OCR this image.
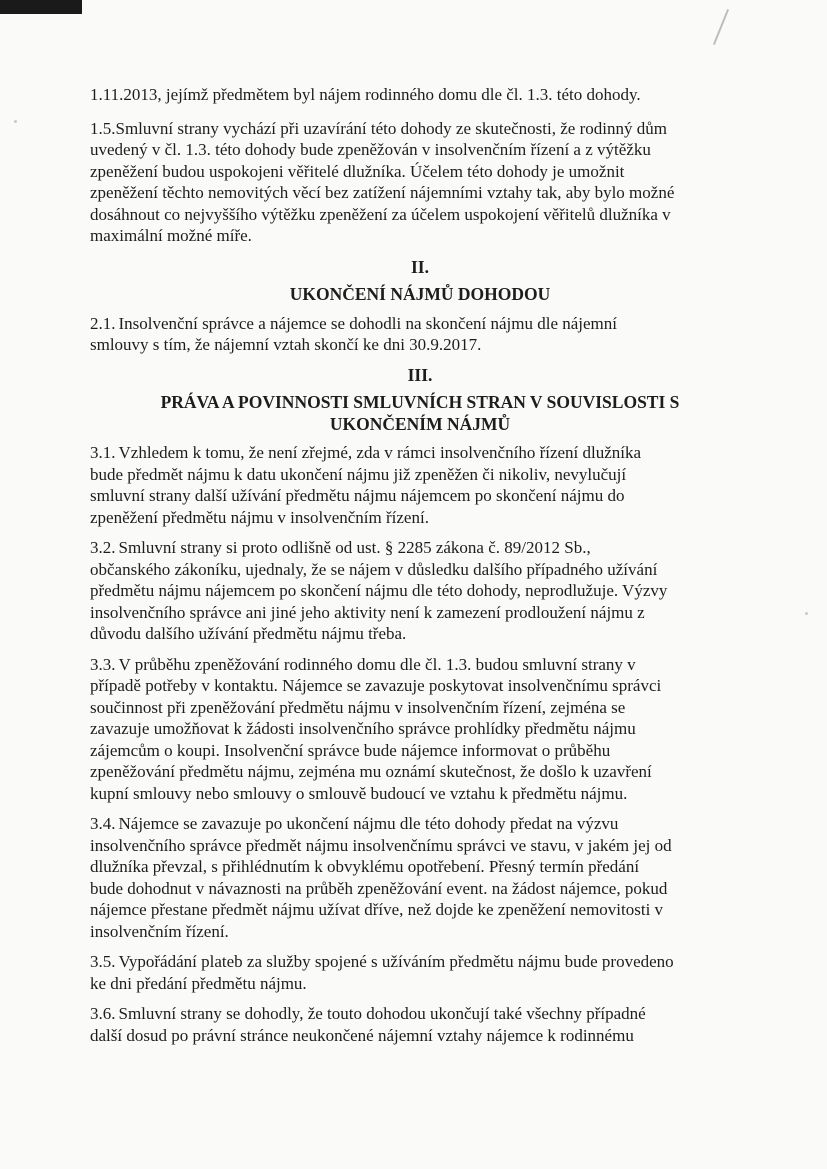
1.11.2013, jejímž předmětem byl nájem rodinného domu dle čl. 1.3. této dohody.

1.5.Smluvní strany vychází při uzavírání této dohody ze skutečnosti, že rodinný dům
uvedený v čl. 1.3. této dohody bude zpeněžován v insolvenčním řízení a z výtěžku
zpeněžení budou uspokojeni věřitelé dlužníka. Účelem této dohody je umožnit
zpeněžení těchto nemovitých věcí bez zatížení nájemními vztahy tak, aby bylo možné
dosáhnout co nejvyššího výtěžku zpeněžení za účelem uspokojení věřitelů dlužníka v
maximální možné míře.

II.
UKONČENÍ NÁJMŮ DOHODOU

2.1. Insolvenční správce a nájemce se dohodli na skončení nájmu dle nájemní
smlouvy s tím, že nájemní vztah skončí ke dni 30.9.2017.

III.
PRÁVA A POVINNOSTI SMLUVNÍCH STRAN V SOUVISLOSTI S
UKONČENÍM NÁJMŮ

3.1. Vzhledem k tomu, že není zřejmé, zda v rámci insolvenčního řízení dlužníka
bude předmět nájmu k datu ukončení nájmu již zpeněžen či nikoliv, nevylučují
smluvní strany další užívání předmětu nájmu nájemcem po skončení nájmu do
zpeněžení předmětu nájmu v insolvenčním řízení.

3.2. Smluvní strany si proto odlišně od ust. § 2285 zákona č. 89/2012 Sb.,
občanského zákoníku, ujednaly, že se nájem v důsledku dalšího případného užívání
předmětu nájmu nájemcem po skončení nájmu dle této dohody, neprodlužuje. Výzvy
insolvenčního správce ani jiné jeho aktivity není k zamezení prodloužení nájmu z
důvodu dalšího užívání předmětu nájmu třeba.

3.3. V průběhu zpeněžování rodinného domu dle čl. 1.3. budou smluvní strany v
případě potřeby v kontaktu. Nájemce se zavazuje poskytovat insolvenčnímu správci
součinnost při zpeněžování předmětu nájmu v insolvenčním řízení, zejména se
zavazuje umožňovat k žádosti insolvenčního správce prohlídky předmětu nájmu
zájemcům o koupi. Insolvenční správce bude nájemce informovat o průběhu
zpeněžování předmětu nájmu, zejména mu oznámí skutečnost, že došlo k uzavření
kupní smlouvy nebo smlouvy o smlouvě budoucí ve vztahu k předmětu nájmu.

3.4. Nájemce se zavazuje po ukončení nájmu dle této dohody předat na výzvu
insolvenčního správce předmět nájmu insolvenčnímu správci ve stavu, v jakém jej od
dlužníka převzal, s přihlédnutím k obvyklému opotřebení. Přesný termín předání
bude dohodnut v návaznosti na průběh zpeněžování event. na žádost nájemce, pokud
nájemce přestane předmět nájmu užívat dříve, než dojde ke zpeněžení nemovitosti v
insolvenčním řízení.

3.5. Vypořádání plateb za služby spojené s užíváním předmětu nájmu bude provedeno
ke dni předání předmětu nájmu.

3.6. Smluvní strany se dohodly, že touto dohodou ukončují také všechny případné
další dosud po právní stránce neukončené nájemní vztahy nájemce k rodinnému
